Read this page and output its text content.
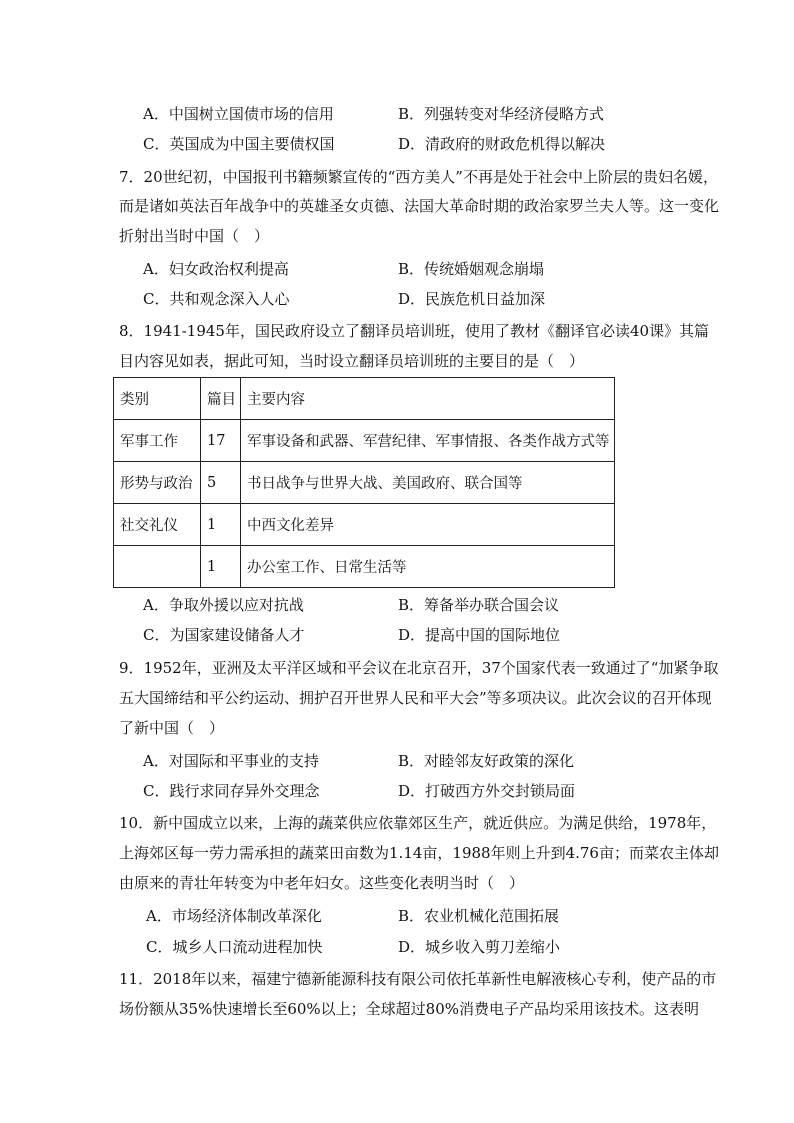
A．中国树立国债市场的信用	B．列强转变对华经济侵略方式
C．英国成为中国主要债权国	D．清政府的财政危机得以解决
7．20世纪初，中国报刊书籍频繁宣传的“西方美人”不再是处于社会中上阶层的贵妇名媛，
而是诸如英法百年战争中的英雄圣女贞德、法国大革命时期的政治家罗兰夫人等。这一变化
折射出当时中国（　）
A．妇女政治权利提高	B．传统婚姻观念崩塌
C．共和观念深入人心	D．民族危机日益加深
8．1941-1945年，国民政府设立了翻译员培训班，使用了教材《翻译官必读40课》其篇
目内容见如表，据此可知，当时设立翻译员培训班的主要目的是（　）
类别	篇目	主要内容
军事工作	17	军事设备和武器、军营纪律、军事情报、各类作战方式等
形势与政治	5	书日战争与世界大战、美国政府、联合国等
社交礼仪	1	中西文化差异
	1	办公室工作、日常生活等
A．争取外援以应对抗战	B．筹备举办联合国会议
C．为国家建设储备人才	D．提高中国的国际地位
9．1952年，亚洲及太平洋区域和平会议在北京召开，37个国家代表一致通过了“加紧争取
五大国缔结和平公约运动、拥护召开世界人民和平大会”等多项决议。此次会议的召开体现
了新中国（　）
A．对国际和平事业的支持	B．对睦邻友好政策的深化
C．践行求同存异外交理念	D．打破西方外交封锁局面
10．新中国成立以来，上海的蔬菜供应依靠郊区生产，就近供应。为满足供给，1978年，
上海郊区每一劳力需承担的蔬菜田亩数为1.14亩，1988年则上升到4.76亩；而菜农主体却
由原来的青壮年转变为中老年妇女。这些变化表明当时（　）
A．市场经济体制改革深化	B．农业机械化范围拓展
C．城乡人口流动进程加快	D．城乡收入剪刀差缩小
11．2018年以来，福建宁德新能源科技有限公司依托革新性电解液核心专利，使产品的市
场份额从35%快速增长至60%以上；全球超过80%消费电子产品均采用该技术。这表明
